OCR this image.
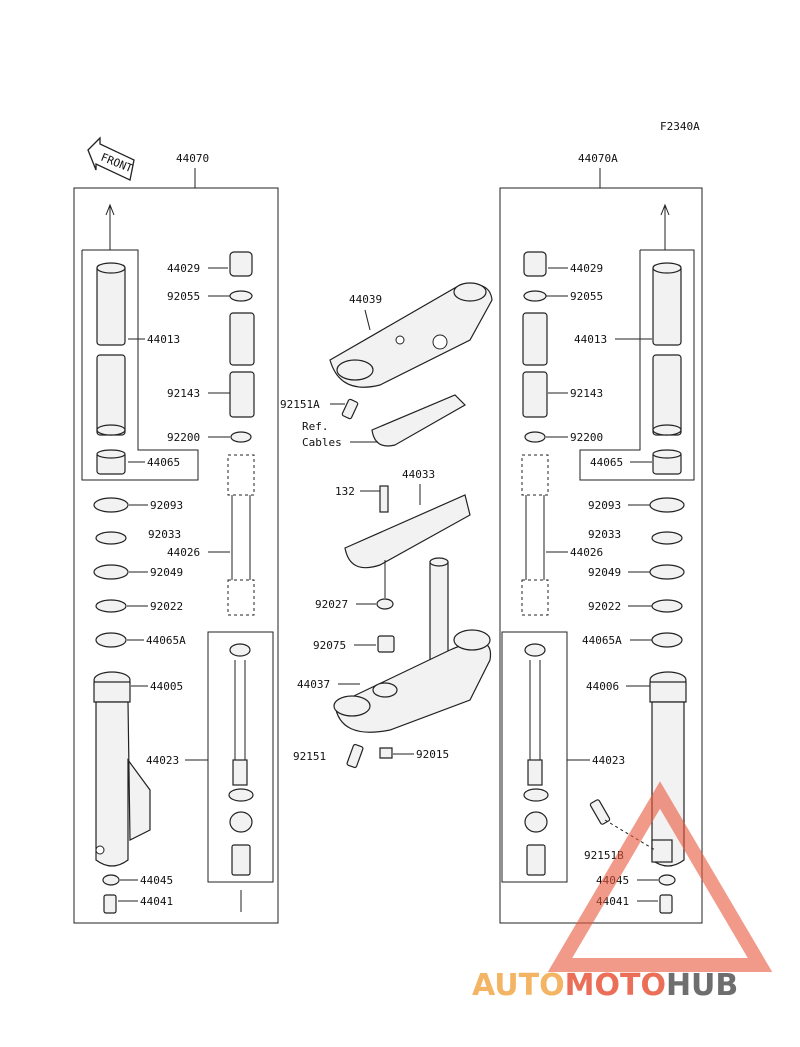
F2340A
FRONT	44070
44029
92055
44013
92143
92200
44065
92093
92033
44026
92049
92022
44065A
44005
44023
44045
44041
44039
92151A
Ref.
Cables
44033
132
92027
92075
44037
92151	92015
44070A
44029
92055
44013
92143
92200
44065
92093
92033
44026
92049
92022
44065A
44006
44023
92151B
44045
44041
AUTOMOTOHUB
